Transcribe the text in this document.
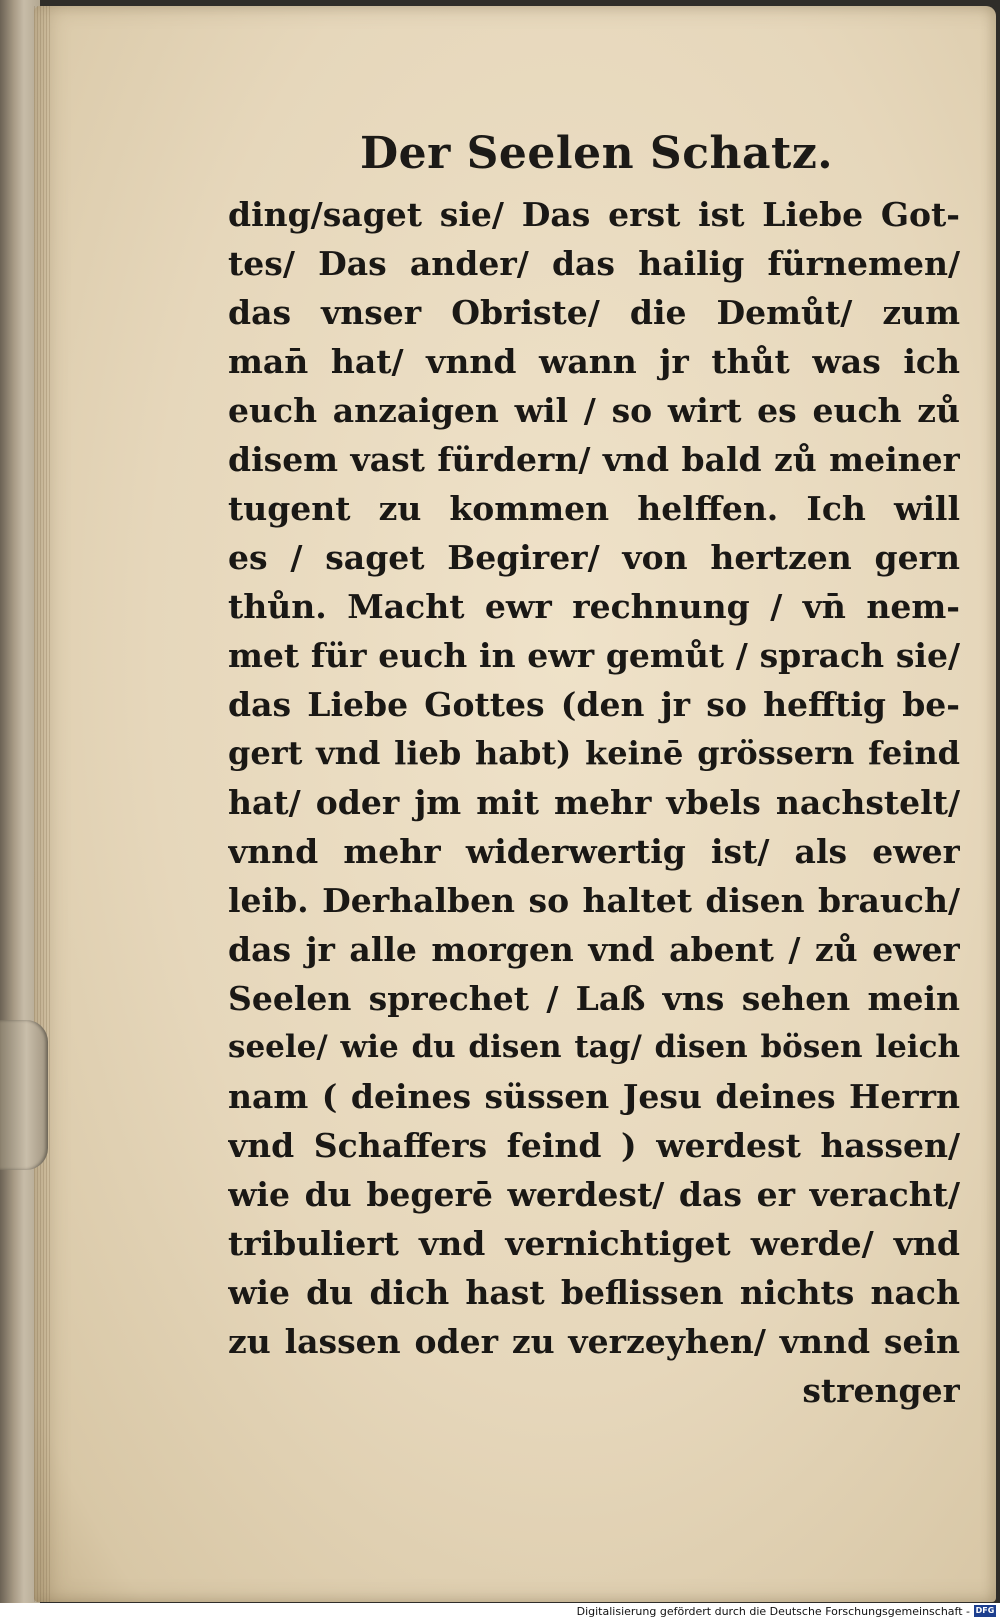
Der Seelen Schatz.
ding/saget sie/ Das erst ist Liebe Got-
tes/ Das ander/ das hailig fürnemen/
das vnser Obriste/ die Demůt/ zum
man̄ hat/ vnnd wann jr thůt was ich
euch anzaigen wil / so wirt es euch zů
disem vast fürdern/ vnd bald zů meiner
tugent zu kommen helffen. Ich will
es / saget Begirer/ von hertzen gern
thůn. Macht ewr rechnung / vn̄ nem-
met für euch in ewr gemůt / sprach sie/
das Liebe Gottes (den jr so hefftig be-
gert vnd lieb habt) keinē grössern feind
hat/ oder jm mit mehr vbels nachstelt/
vnnd mehr widerwertig ist/ als ewer
leib. Derhalben so haltet disen brauch/
das jr alle morgen vnd abent / zů ewer
Seelen sprechet / Laß vns sehen mein
seele/ wie du disen tag/ disen bösen leich
nam ( deines süssen Jesu deines Herrn
vnd Schaffers feind ) werdest hassen/
wie du begerē werdest/ das er veracht/
tribuliert vnd vernichtiget werde/ vnd
wie du dich hast beflissen nichts nach
zu lassen oder zu verzeyhen/ vnnd sein
strenger
Digitalisierung gefördert durch die Deutsche Forschungsgemeinschaft - DFG
